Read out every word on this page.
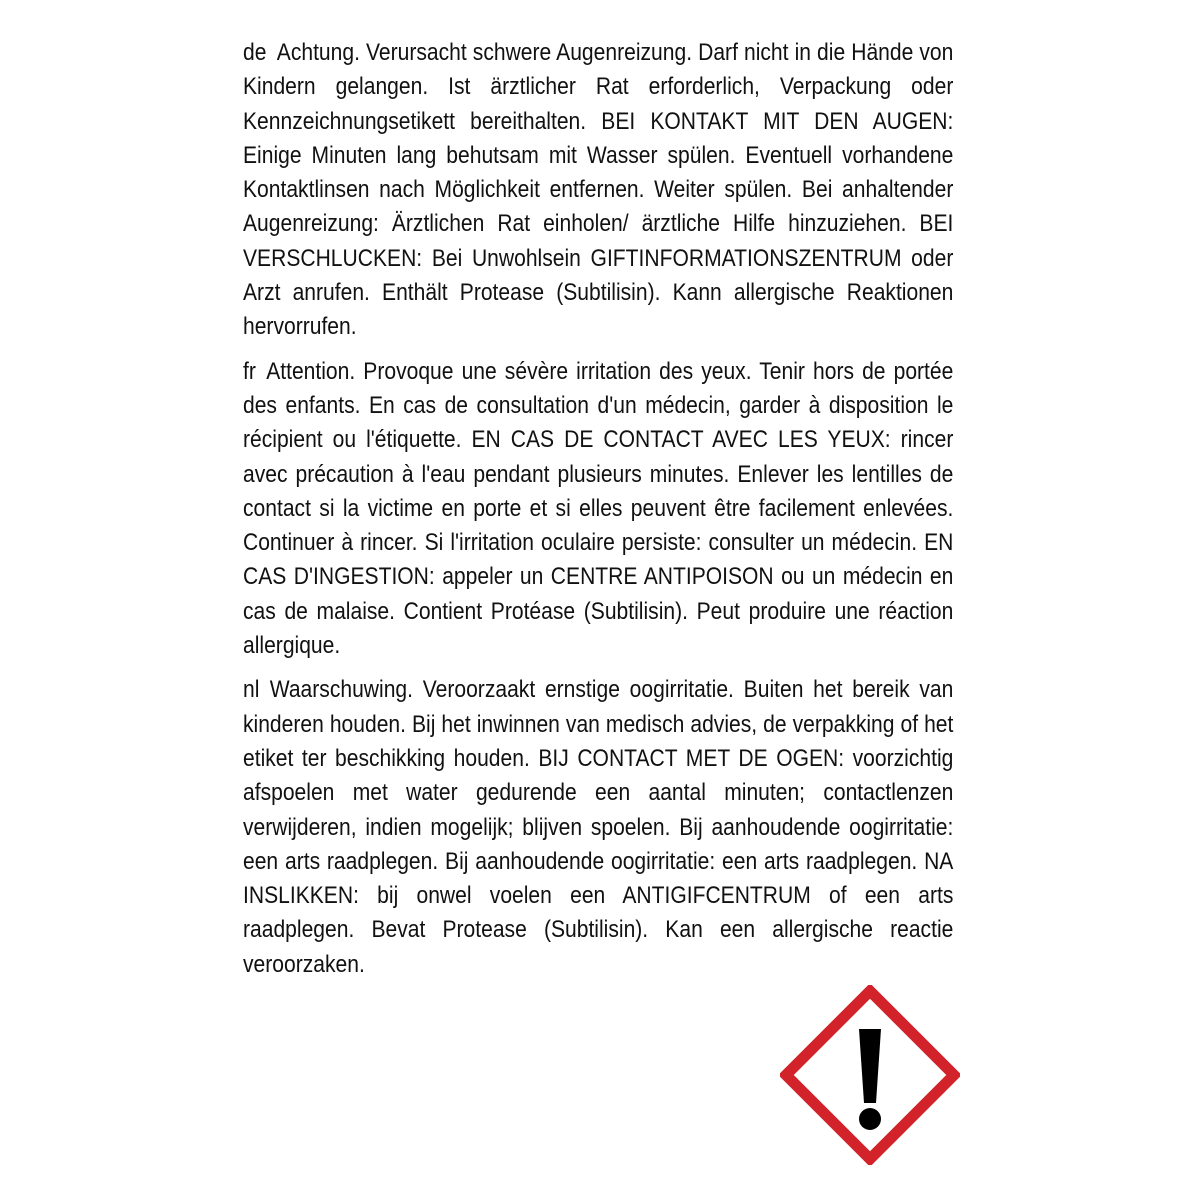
de Achtung. Verursacht schwere Augenreizung. Darf nicht in die Hände von Kindern gelangen. Ist ärztlicher Rat erforderlich, Verpackung oder Kennzeichnungsetikett bereithalten. BEI KONTAKT MIT DEN AUGEN: Einige Minuten lang behutsam mit Wasser spülen. Eventuell vorhandene Kontaktlinsen nach Möglichkeit entfernen. Weiter spülen. Bei anhaltender Augenreizung: Ärztlichen Rat einholen/ ärztliche Hilfe hinzuziehen. BEI VERSCHLUCKEN: Bei Unwohlsein GIFTINFORMATIONSZENTRUM oder Arzt anrufen. Enthält Protease (Subtilisin). Kann allergische Reaktionen hervorrufen.

fr Attention. Provoque une sévère irritation des yeux. Tenir hors de portée des enfants. En cas de consultation d'un médecin, garder à disposition le récipient ou l'étiquette. EN CAS DE CONTACT AVEC LES YEUX: rincer avec précaution à l'eau pendant plusieurs minutes. Enlever les lentilles de contact si la victime en porte et si elles peuvent être facilement enlevées. Continuer à rincer. Si l'irritation oculaire persiste: consulter un médecin. EN CAS D'INGESTION: appeler un CENTRE ANTIPOISON ou un médecin en cas de malaise. Contient Protéase (Subtilisin). Peut produire une réaction allergique.

nl Waarschuwing. Veroorzaakt ernstige oogirritatie. Buiten het bereik van kinderen houden. Bij het inwinnen van medisch advies, de verpakking of het etiket ter beschikking houden. BIJ CONTACT MET DE OGEN: voorzichtig afspoelen met water gedurende een aantal minuten; contactlenzen verwijderen, indien mogelijk; blijven spoelen. Bij aanhoudende oogirritatie: een arts raadplegen. Bij aanhoudende oogirritatie: een arts raadplegen. NA INSLIKKEN: bij onwel voelen een ANTIGIFCENTRUM of een arts raadplegen. Bevat Protease (Subtilisin). Kan een allergische reactie veroorzaken.
